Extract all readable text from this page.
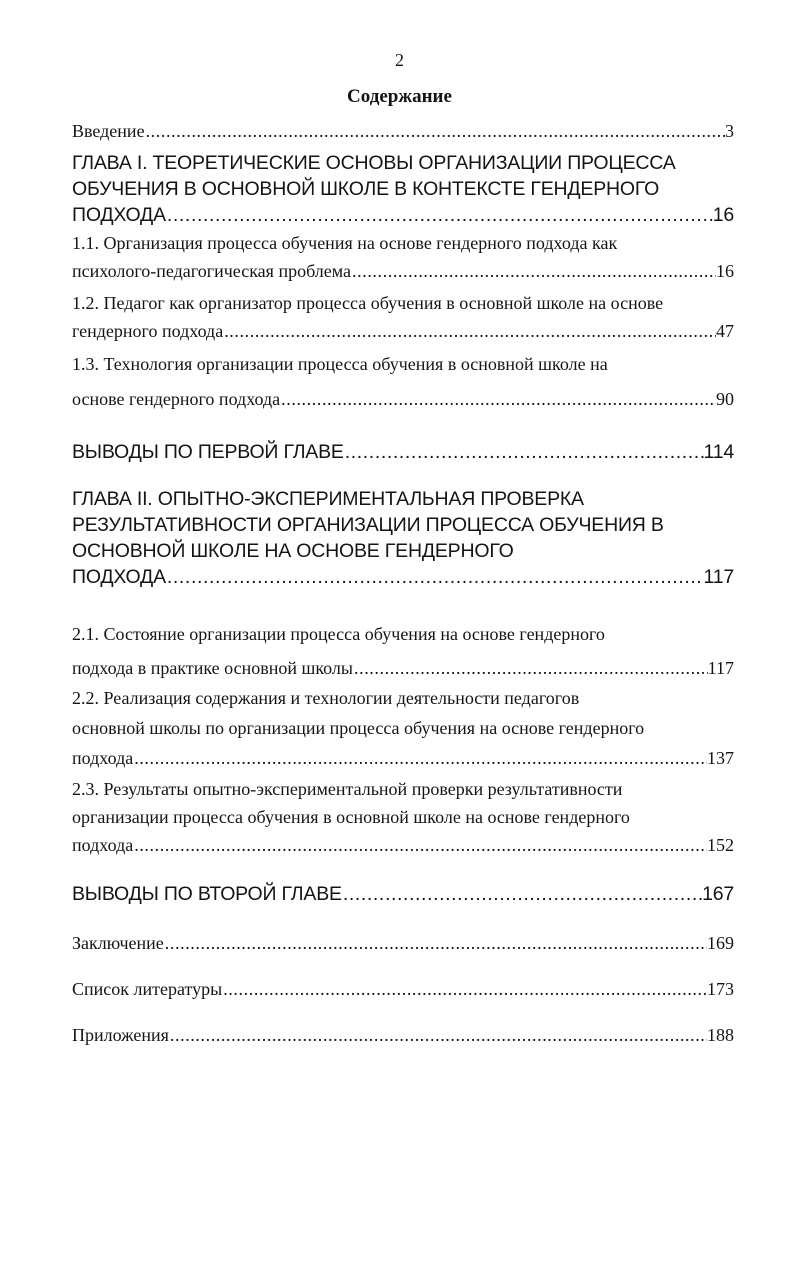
2
Содержание
Введение .....	3
ГЛАВА I. ТЕОРЕТИЧЕСКИЕ ОСНОВЫ ОРГАНИЗАЦИИ ПРОЦЕССА
ОБУЧЕНИЯ В ОСНОВНОЙ ШКОЛЕ В КОНТЕКСТЕ ГЕНДЕРНОГО
ПОДХОДА .....	16
1.1. Организация процесса обучения на основе гендерного подхода как
психолого-педагогическая проблема .....	16
1.2. Педагог как организатор процесса обучения в основной школе на основе
гендерного подхода .....	47
1.3. Технология организации процесса обучения в основной школе на
основе гендерного подхода .....	90
ВЫВОДЫ ПО ПЕРВОЙ ГЛАВЕ .....	114
ГЛАВА II. ОПЫТНО-ЭКСПЕРИМЕНТАЛЬНАЯ ПРОВЕРКА
РЕЗУЛЬТАТИВНОСТИ ОРГАНИЗАЦИИ ПРОЦЕССА ОБУЧЕНИЯ В
ОСНОВНОЙ ШКОЛЕ НА ОСНОВЕ ГЕНДЕРНОГО
ПОДХОДА .....	117
2.1. Состояние организации процесса обучения на основе гендерного
подхода в практике основной школы .....	117
2.2. Реализация содержания и технологии деятельности педагогов
основной школы по организации процесса обучения на основе гендерного
подхода .....	137
2.3. Результаты опытно-экспериментальной проверки результативности
организации процесса обучения в основной школе на основе гендерного
подхода .....	152
ВЫВОДЫ ПО ВТОРОЙ ГЛАВЕ .....	167
Заключение .....	169
Список литературы .....	173
Приложения .....	188
